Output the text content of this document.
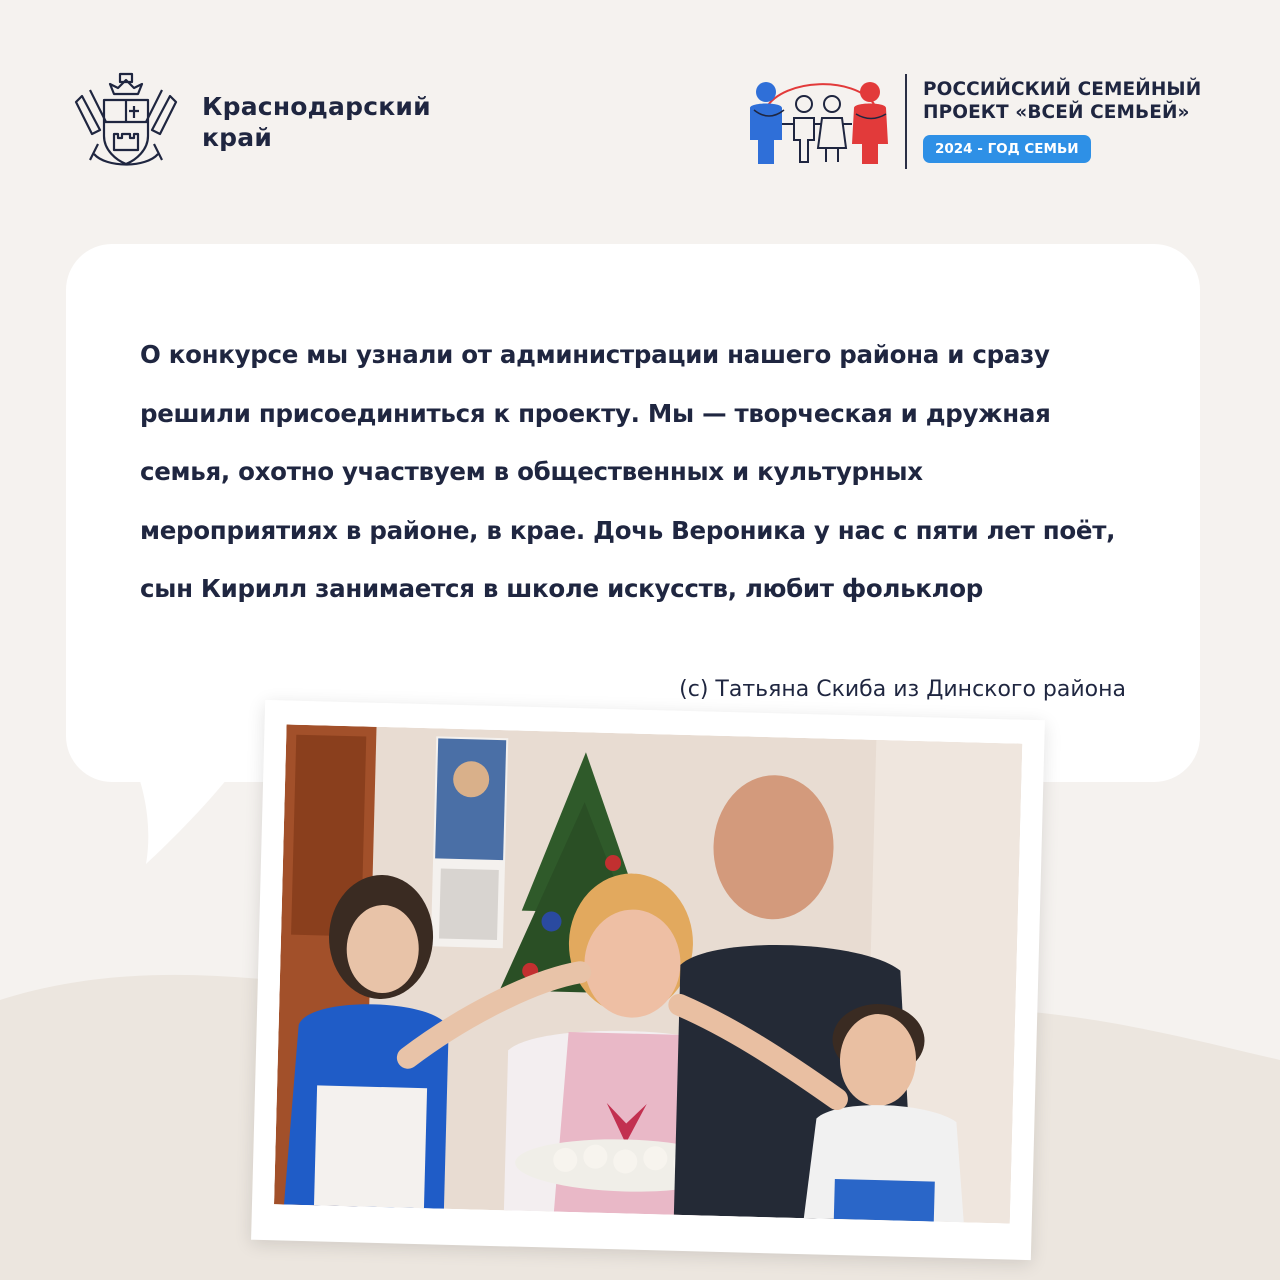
Краснодарский край
РОССИЙСКИЙ СЕМЕЙНЫЙ ПРОЕКТ «ВСЕЙ СЕМЬЕЙ»
2024 - ГОД СЕМЬИ

О конкурсе мы узнали от администрации нашего района и сразу решили присоединиться к проекту. Мы — творческая и дружная семья, охотно участвуем в общественных и культурных мероприятиях в районе, в крае. Дочь Вероника у нас с пяти лет поёт, сын Кирилл занимается в школе искусств, любит фольклор

(с) Татьяна Скиба из Динского района
